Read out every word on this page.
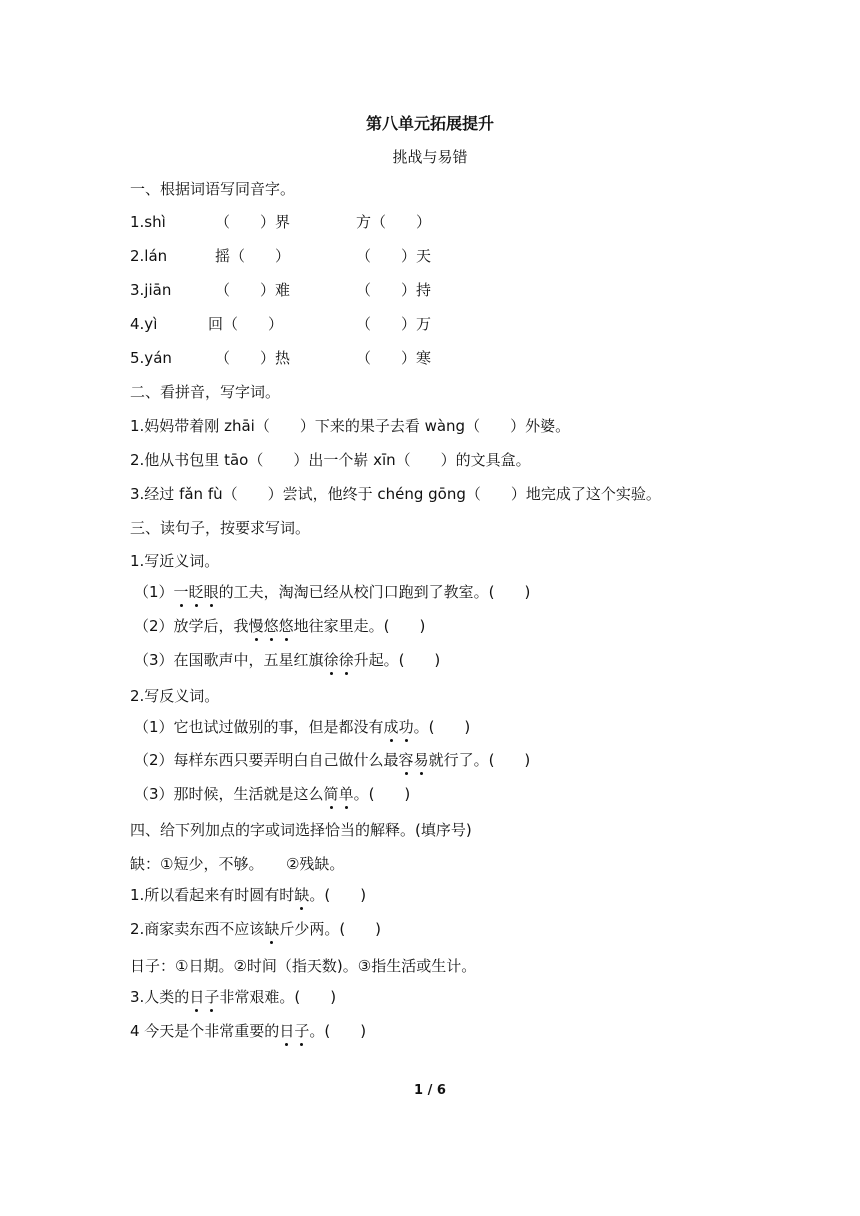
第八单元拓展提升
挑战与易错
一、根据词语写同音字。
1.shì	（　　）界	方（　　）
2.lán	摇（　　）	（　　）天
3.jiān	（　　）难	（　　）持
4.yì	回（　　）	（　　）万
5.yán	（　　）热	（　　）寒
二、看拼音，写字词。
1.妈妈带着刚 zhāi（　　）下来的果子去看 wàng（　　）外婆。
2.他从书包里 tāo（　　）出一个崭 xīn（　　）的文具盒。
3.经过 fǎn fù（　　）尝试，他终于 chéng gōng（　　）地完成了这个实验。
三、读句子，按要求写词。
1.写近义词。
（1）一眨眼的工夫，淘淘已经从校门口跑到了教室。(　　)
（2）放学后，我慢悠悠地往家里走。(　　)
（3）在国歌声中，五星红旗徐徐升起。(　　)
2.写反义词。
（1）它也试过做别的事，但是都没有成功。(　　)
（2）每样东西只要弄明白自己做什么最容易就行了。(　　)
（3）那时候，生活就是这么简单。(　　)
四、给下列加点的字或词选择恰当的解释。(填序号)
缺：①短少，不够。　　②残缺。
1.所以看起来有时圆有时缺。(　　)
2.商家卖东西不应该缺斤少两。(　　)
日子：①日期。②时间（指天数)。③指生活或生计。
3.人类的日子非常艰难。(　　)
4 今天是个非常重要的日子。(　　)
1 / 6
